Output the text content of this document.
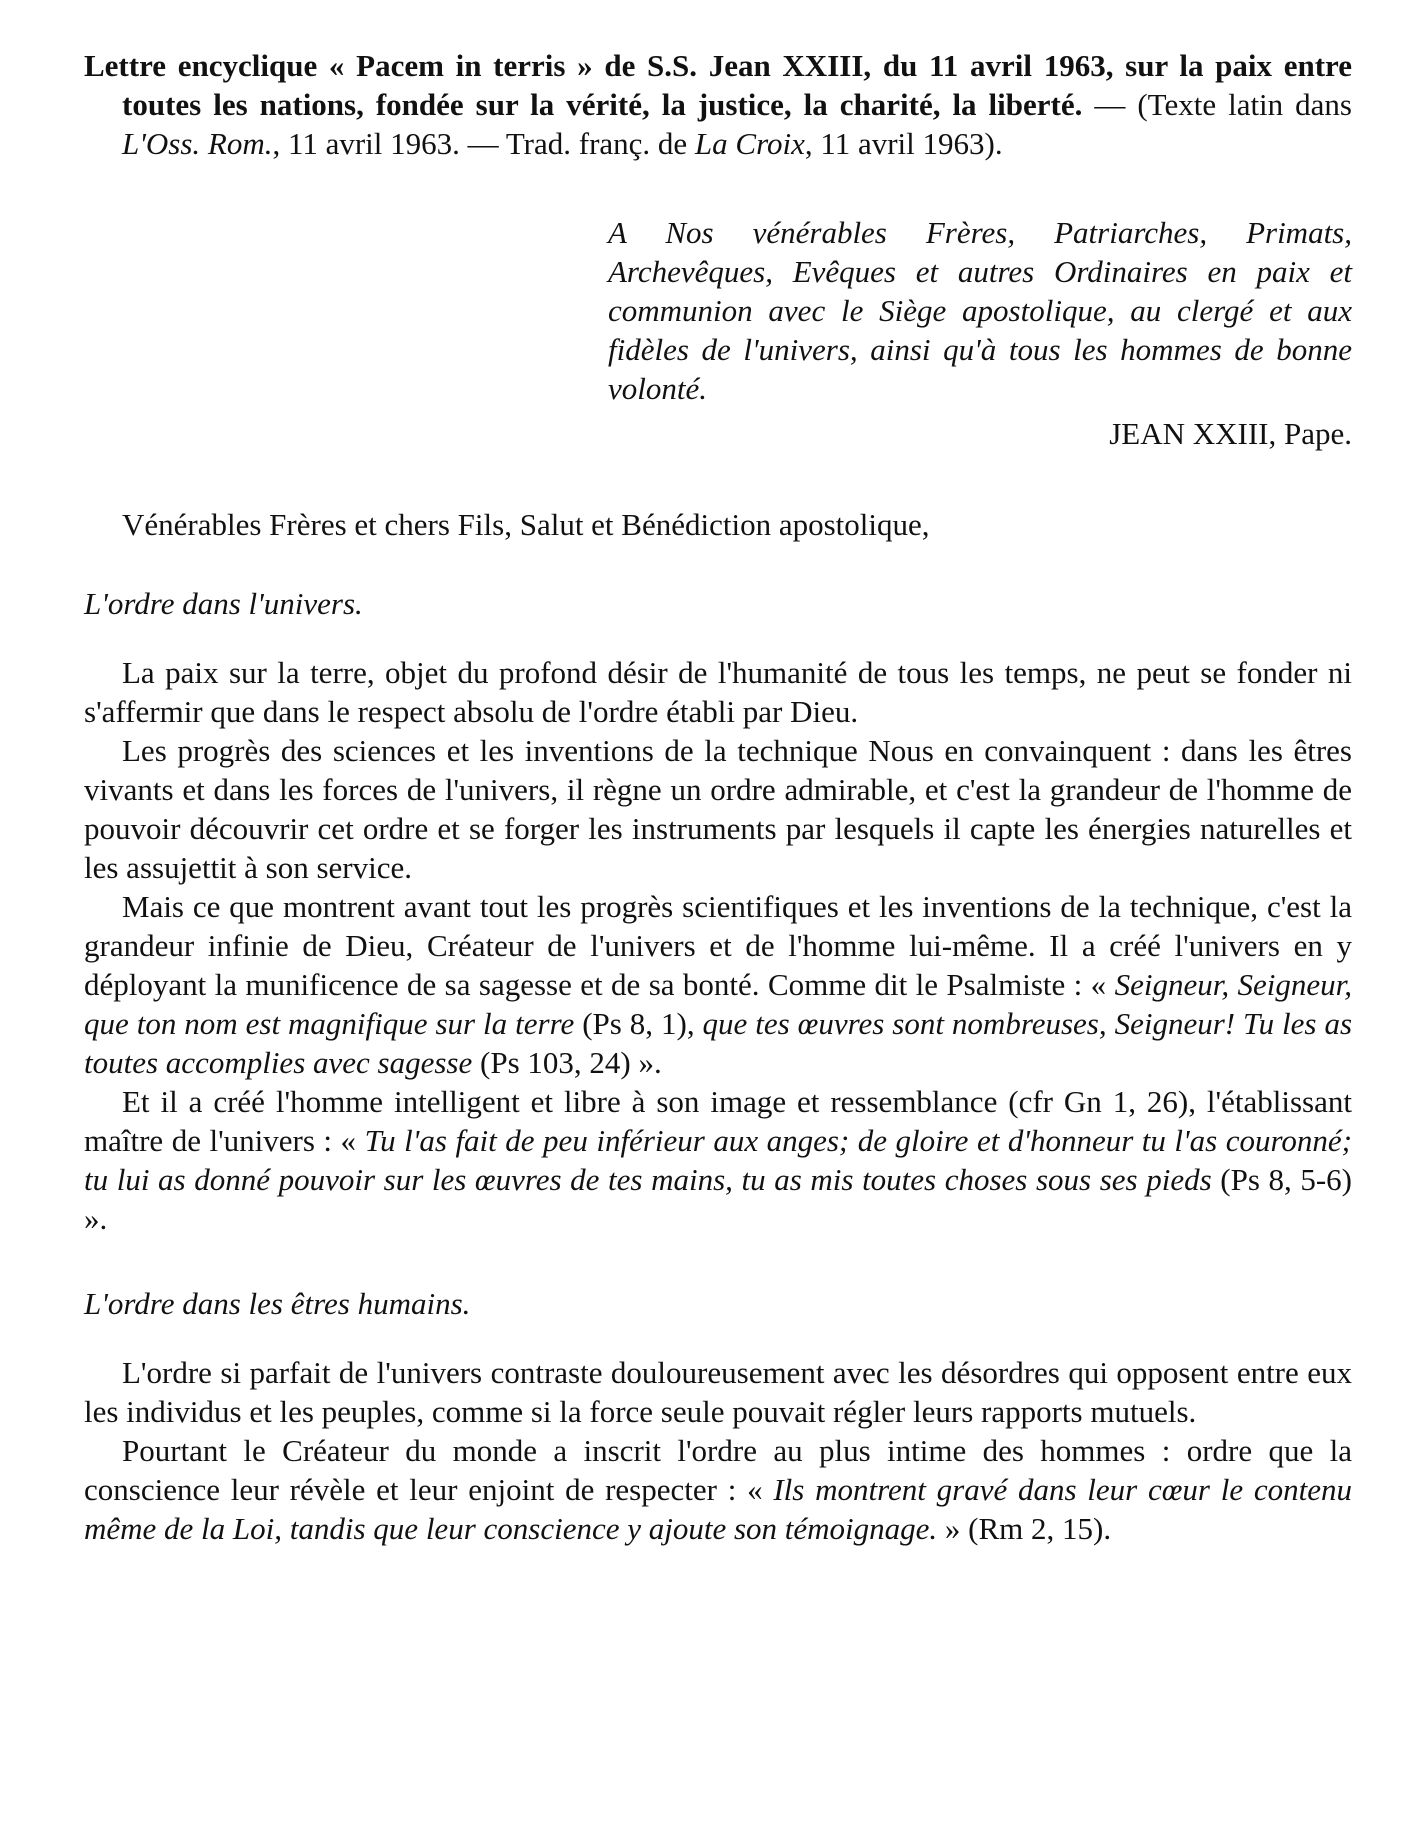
Lettre encyclique « Pacem in terris » de S.S. Jean XXIII, du 11 avril 1963, sur la paix entre toutes les nations, fondée sur la vérité, la justice, la charité, la liberté. — (Texte latin dans L'Oss. Rom., 11 avril 1963. — Trad. franç. de La Croix, 11 avril 1963).

A Nos vénérables Frères, Patriarches, Primats, Archevêques, Evêques et autres Ordinaires en paix et communion avec le Siège apostolique, au clergé et aux fidèles de l'univers, ainsi qu'à tous les hommes de bonne volonté.

JEAN XXIII, Pape.

Vénérables Frères et chers Fils, Salut et Bénédiction apostolique,

L'ordre dans l'univers.

La paix sur la terre, objet du profond désir de l'humanité de tous les temps, ne peut se fonder ni s'affermir que dans le respect absolu de l'ordre établi par Dieu.

Les progrès des sciences et les inventions de la technique Nous en convainquent : dans les êtres vivants et dans les forces de l'univers, il règne un ordre admirable, et c'est la grandeur de l'homme de pouvoir découvrir cet ordre et se forger les instruments par lesquels il capte les énergies naturelles et les assujettit à son service.

Mais ce que montrent avant tout les progrès scientifiques et les inventions de la technique, c'est la grandeur infinie de Dieu, Créateur de l'univers et de l'homme lui-même. Il a créé l'univers en y déployant la munificence de sa sagesse et de sa bonté. Comme dit le Psalmiste : « Seigneur, Seigneur, que ton nom est magnifique sur la terre (Ps 8, 1), que tes œuvres sont nombreuses, Seigneur! Tu les as toutes accomplies avec sagesse (Ps 103, 24) ».

Et il a créé l'homme intelligent et libre à son image et ressemblance (cfr Gn 1, 26), l'établissant maître de l'univers : « Tu l'as fait de peu inférieur aux anges; de gloire et d'honneur tu l'as couronné; tu lui as donné pouvoir sur les œuvres de tes mains, tu as mis toutes choses sous ses pieds (Ps 8, 5-6) ».

L'ordre dans les êtres humains.

L'ordre si parfait de l'univers contraste douloureusement avec les désordres qui opposent entre eux les individus et les peuples, comme si la force seule pouvait régler leurs rapports mutuels.

Pourtant le Créateur du monde a inscrit l'ordre au plus intime des hommes : ordre que la conscience leur révèle et leur enjoint de respecter : « Ils montrent gravé dans leur cœur le contenu même de la Loi, tandis que leur conscience y ajoute son témoignage. » (Rm 2, 15).
